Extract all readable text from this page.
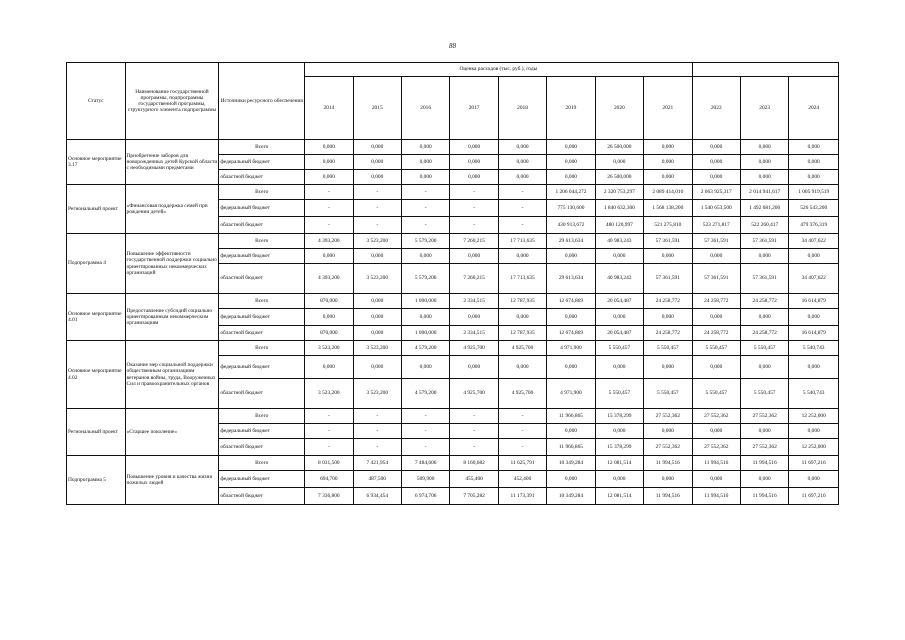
88
Статус	Наименование государственной программы, подпрограммы государственной программы, структурного элемента подпрограммы	Источники ресурсного обеспечения	Оценка расходов (тыс. руб.), годы										
			2014	2015	2016	2017	2018	2019	2020	2021	2022	2023	2024
Основное мероприятие 3.17	Приобретение заборов для новорожденных детей Курской области с необходимыми предметами	Всего	0,000	0,000	0,000	0,000	0,000	0,000	26 500,000	0,000	0,000	0,000	0,000
		федеральный бюджет	0,000	0,000	0,000	0,000	0,000	0,000	0,000	0,000	0,000	0,000	0,000
		областной бюджет	0,000	0,000	0,000	0,000	0,000	0,000	26 500,000	0,000	0,000	0,000	0,000
Региональный проект	«Финансовая поддержка семей при рождении детей»	Всего	-	-	-	-	-	1 206 044,272	2 320 753,297	2 089 414,010	2 063 925,317	2 014 941,617	1 005 919,519
		федеральный бюджет	-	-	-	-	-	775 130,600	1 840 632,300	1 568 138,200	1 540 653,500	1 492 681,200	526 543,200
		областной бюджет	-	-	-	-	-	430 913,672	480 120,997	521 275,810	523 271,817	522 260,417	479 376,319
Подпрограмма 4	Повышение эффективности государственной поддержки социально ориентированных некоммерческих организаций	Всего	4 393,200	3 523,200	5 579,200	7 260,215	17 713,635	29 613,634	40 983,243	57 361,591	57 361,591	57 361,591	34 407,622
		федеральный бюджет	0,000	0,000	0,000	0,000	0,000	0,000	0,000	0,000	0,000	0,000	0,000
		областной бюджет	4 393,200	3 523,200	5 579,200	7 260,215	17 713,635	29 613,634	40 983,243	57 361,591	57 361,591	57 361,591	34 407,622
Основное мероприятие 4.01	Предоставление субсидий социально ориентированным некоммерческим организациям	Всего	870,000	0,000	1 000,000	2 334,515	12 787,935	12 674,869	20 054,487	24 258,772	24 258,772	24 258,772	16 614,879
		федеральный бюджет	0,000	0,000	0,000	0,000	0,000	0,000	0,000	0,000	0,000	0,000	0,000
		областной бюджет	870,000	0,000	1 000,000	2 334,515	12 787,935	12 674,869	20 054,487	24 258,772	24 258,772	24 258,772	16 614,879
Основное мероприятие 4.02	Оказание мер социальной поддержки общественным организациям ветеранов войны, труда, Вооруженных Сил и правоохранительных органов	Всего	3 523,200	3 523,200	4 579,200	4 925,700	4 925,700	4 971,900	5 550,457	5 550,457	5 550,457	5 550,457	5 540,743
		федеральный бюджет	0,000	0,000	0,000	0,000	0,000	0,000	0,000	0,000	0,000	0,000	0,000
		областной бюджет	3 523,200	3 523,200	4 579,200	4 925,700	4 925,700	4 971,900	5 550,457	5 550,457	5 550,457	5 550,457	5 540,743
Региональный проект	«Старшее поколение»	Всего	-	-	-	-	-	11 966,865	15 378,299	27 552,362	27 552,362	27 552,362	12 252,000
		федеральный бюджет	-	-	-	-	-	0,000	0,000	0,000	0,000	0,000	0,000
		областной бюджет	-	-	-	-	-	11 966,865	15 378,299	27 552,362	27 552,362	27 552,362	12 252,000
Подпрограмма 5	Повышение уровня и качества жизни пожилых людей	Всего	8 031,500	7 421,954	7 484,606	8 160,682	11 625,791	10 349,284	12 081,514	11 994,516	11 994,516	11 994,516	11 697,216
		федеральный бюджет	694,700	487,500	509,900	455,400	452,400	0,000	0,000	0,000	0,000	0,000	0,000
		областной бюджет	7 336,800	6 934,454	6 974,706	7 705,282	11 173,391	10 349,284	12 081,514	11 994,516	11 994,516	11 994,516	11 697,216
